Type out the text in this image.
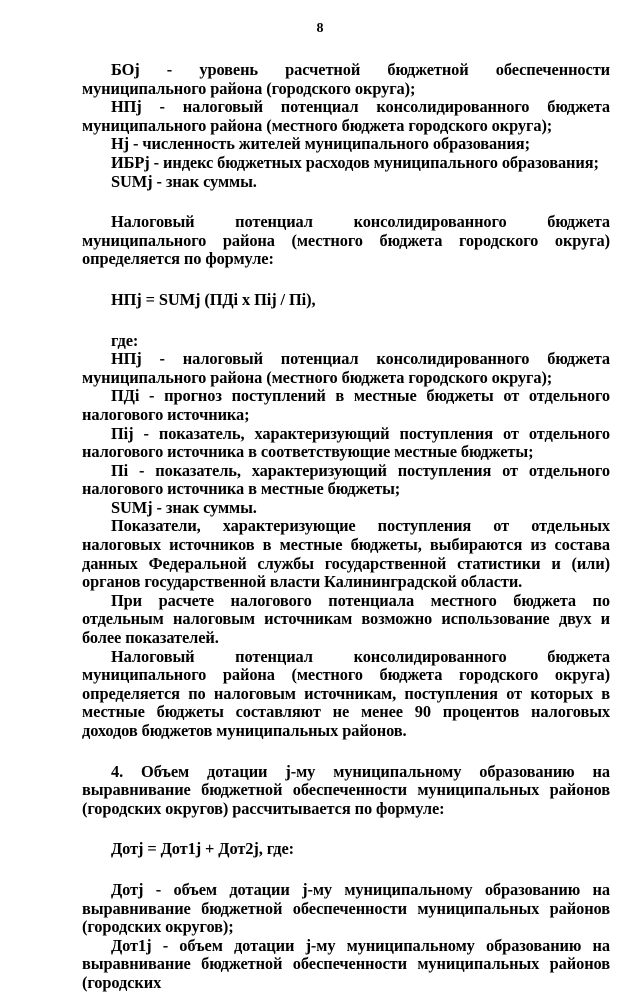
8

БОj - уровень расчетной бюджетной обеспеченности муниципального района (городского округа);

НПj - налоговый потенциал консолидированного бюджета муниципального района (местного бюджета городского округа);

Нj - численность жителей муниципального образования;

ИБРj - индекс бюджетных расходов муниципального образования;

SUMj - знак суммы.

Налоговый потенциал консолидированного бюджета муниципального района (местного бюджета городского округа) определяется по формуле:

НПj = SUMj (ПДi x Пij / Пi),

где:

НПj - налоговый потенциал консолидированного бюджета муниципального района (местного бюджета городского округа);

ПДi - прогноз поступлений в местные бюджеты от отдельного налогового источника;

Пij - показатель, характеризующий поступления от отдельного налогового источника в соответствующие местные бюджеты;

Пi - показатель, характеризующий поступления от отдельного налогового источника в местные бюджеты;

SUMj - знак суммы.

Показатели, характеризующие поступления от отдельных налоговых источников в местные бюджеты, выбираются из состава данных Федеральной службы государственной статистики и (или) органов государственной власти Калининградской области.

При расчете налогового потенциала местного бюджета по отдельным налоговым источникам возможно использование двух и более показателей.

Налоговый потенциал консолидированного бюджета муниципального района (местного бюджета городского округа) определяется по налоговым источникам, поступления от которых в местные бюджеты составляют не менее 90 процентов налоговых доходов бюджетов муниципальных районов.

4. Объем дотации j-му муниципальному образованию на выравнивание бюджетной обеспеченности муниципальных районов (городских округов) рассчитывается по формуле:

Дотj = Дот1j + Дот2j, где:

Дотj - объем дотации j-му муниципальному образованию на выравнивание бюджетной обеспеченности муниципальных районов (городских округов);

Дот1j - объем дотации j-му муниципальному образованию на выравнивание бюджетной обеспеченности муниципальных районов (городских
